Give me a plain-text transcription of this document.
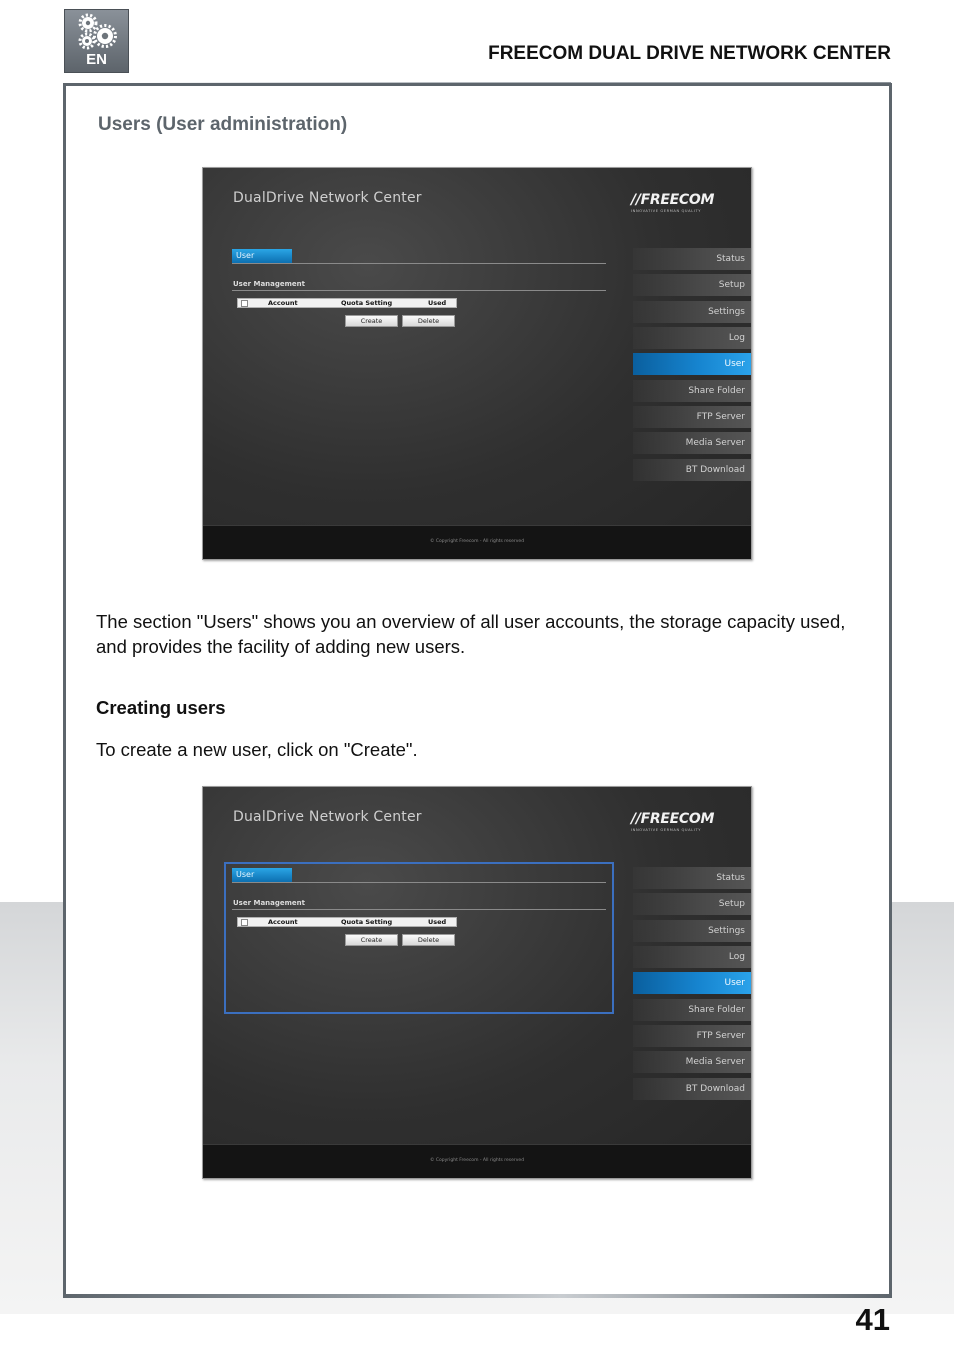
EN	FREECOM DUAL DRIVE NETWORK CENTER
Users (User administration)
DualDrive Network Center	//FREECOM
INNOVATIVE GERMAN QUALITY
User
User Management
Account	Quota Setting	Used
Create	Delete
Status
Setup
Settings
Log
User
Share Folder
FTP Server
Media Server
BT Download
© Copyright Freecom - All rights reserved
The section "Users" shows you an overview of all user accounts, the storage capacity used, and provides the facility of adding new users.
Creating users
To create a new user, click on "Create".
DualDrive Network Center	//FREECOM
INNOVATIVE GERMAN QUALITY
User
User Management
Account	Quota Setting	Used
Create	Delete
Status
Setup
Settings
Log
User
Share Folder
FTP Server
Media Server
BT Download
© Copyright Freecom - All rights reserved
41
